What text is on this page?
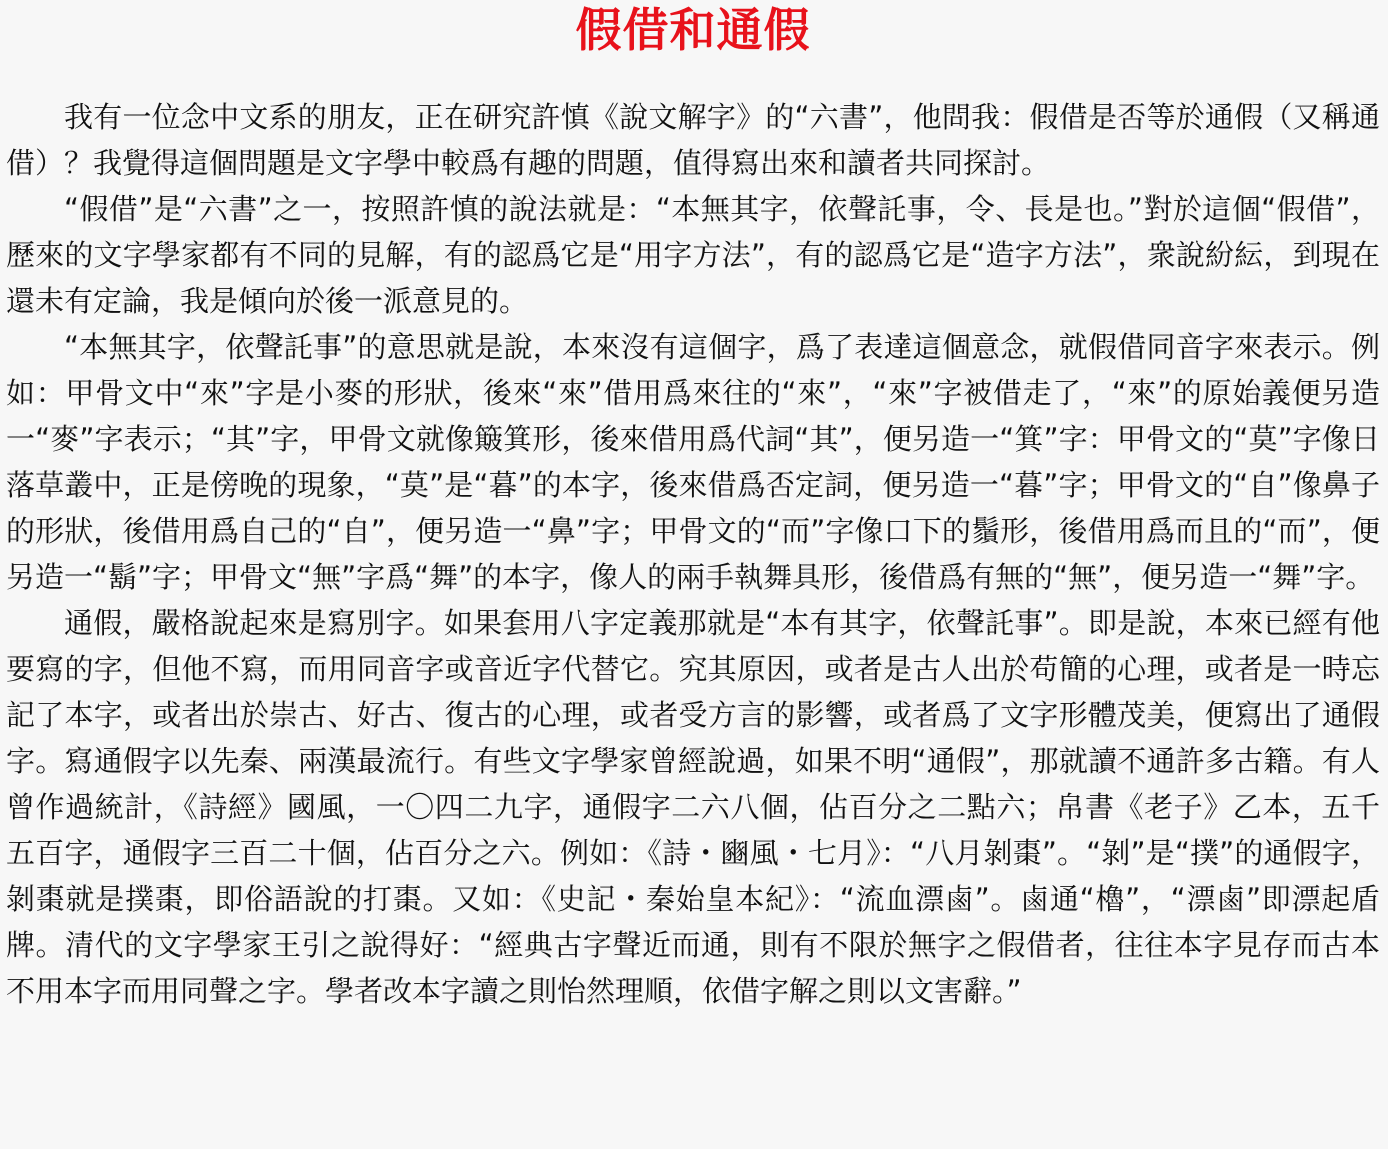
假借和通假

我有一位念中文系的朋友，正在研究許慎《說文解字》的“六書”，他問我：假借是否等於通假（又稱通借）？我覺得這個問題是文字學中較爲有趣的問題，值得寫出來和讀者共同探討。

“假借”是“六書”之一，按照許慎的說法就是：“本無其字，依聲託事，令、長是也。”對於這個“假借”，歷來的文字學家都有不同的見解，有的認爲它是“用字方法”，有的認爲它是“造字方法”，衆說紛紜，到現在還未有定論，我是傾向於後一派意見的。

“本無其字，依聲託事”的意思就是說，本來沒有這個字，爲了表達這個意念，就假借同音字來表示。例如：甲骨文中“來”字是小麥的形狀，後來“來”借用爲來往的“來”，“來”字被借走了，“來”的原始義便另造一“麥”字表示；“其”字，甲骨文就像簸箕形，後來借用爲代詞“其”，便另造一“箕”字：甲骨文的“莫”字像日落草叢中，正是傍晚的現象，“莫”是“暮”的本字，後來借爲否定詞，便另造一“暮”字；甲骨文的“自”像鼻子的形狀，後借用爲自己的“自”，便另造一“鼻”字；甲骨文的“而”字像口下的鬚形，後借用爲而且的“而”，便另造一“鬍”字；甲骨文“無”字爲“舞”的本字，像人的兩手執舞具形，後借爲有無的“無”，便另造一“舞”字。

通假，嚴格說起來是寫別字。如果套用八字定義那就是“本有其字，依聲託事”。即是說，本來已經有他要寫的字，但他不寫，而用同音字或音近字代替它。究其原因，或者是古人出於苟簡的心理，或者是一時忘記了本字，或者出於崇古、好古、復古的心理，或者受方言的影響，或者爲了文字形體茂美，便寫出了通假字。寫通假字以先秦、兩漢最流行。有些文字學家曾經說過，如果不明“通假”，那就讀不通許多古籍。有人曾作過統計，《詩經》國風，一〇四二九字，通假字二六八個，佔百分之二點六；帛書《老子》乙本，五千五百字，通假字三百二十個，佔百分之六。例如：《詩・豳風・七月》：“八月剝棗”。“剝”是“撲”的通假字，剝棗就是撲棗，即俗語說的打棗。又如：《史記・秦始皇本紀》：“流血漂鹵”。鹵通“櫓”，“漂鹵”即漂起盾牌。清代的文字學家王引之說得好：“經典古字聲近而通，則有不限於無字之假借者，往往本字見存而古本不用本字而用同聲之字。學者改本字讀之則怡然理順，依借字解之則以文害辭。”
